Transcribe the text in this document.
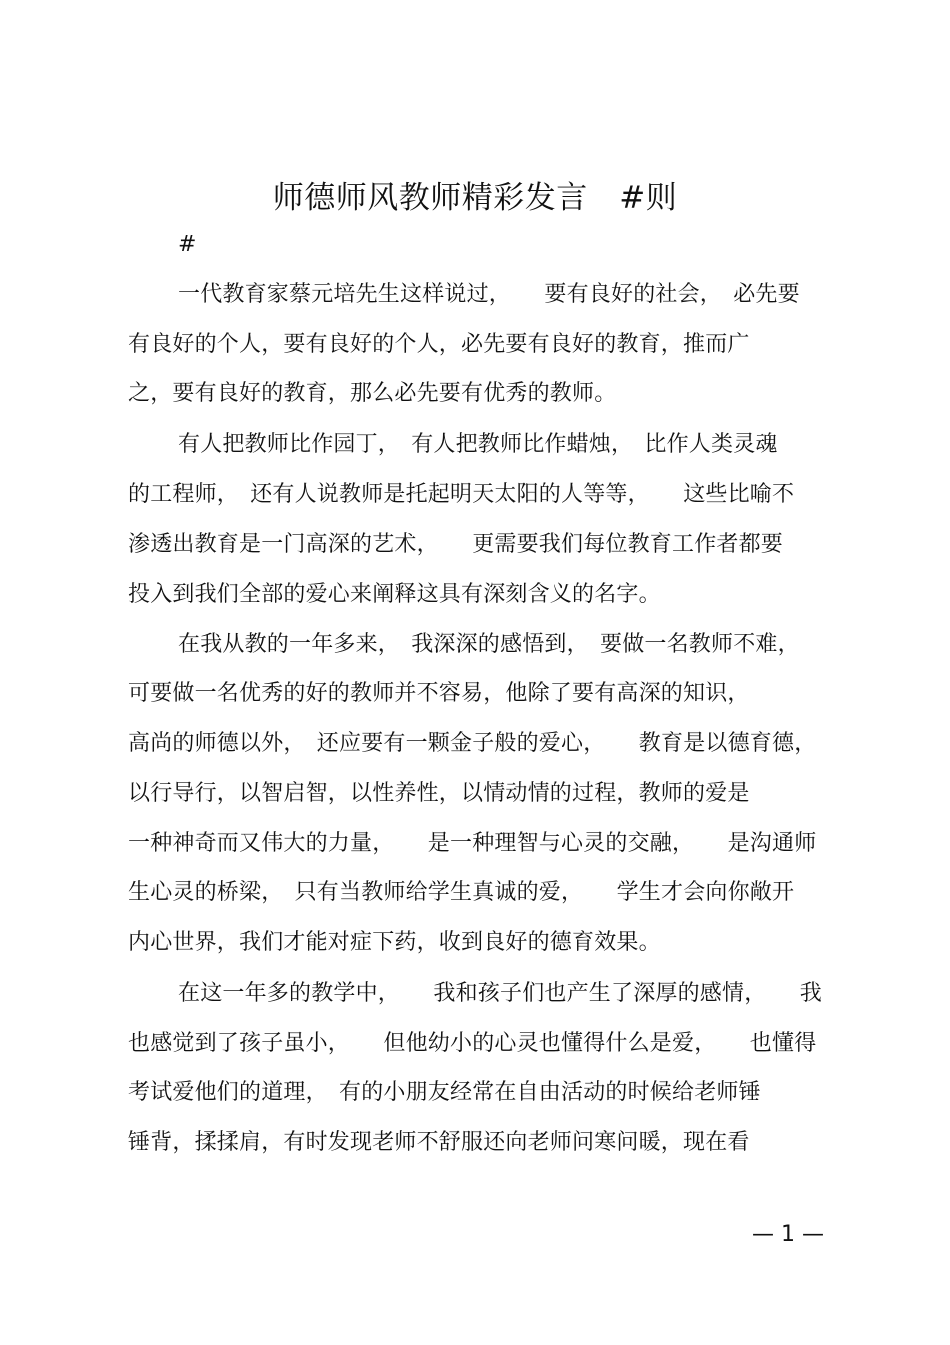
师德师风教师精彩发言　#则
#
一代教育家蔡元培先生这样说过，　　要有良好的社会，　必先要
有良好的个人，要有良好的个人，必先要有良好的教育，推而广
之，要有良好的教育，那么必先要有优秀的教师。
有人把教师比作园丁，　有人把教师比作蜡烛，　比作人类灵魂
的工程师，　还有人说教师是托起明天太阳的人等等，　　这些比喻不
渗透出教育是一门高深的艺术，　　更需要我们每位教育工作者都要
投入到我们全部的爱心来阐释这具有深刻含义的名字。
在我从教的一年多来，　我深深的感悟到，　要做一名教师不难，
可要做一名优秀的好的教师并不容易，他除了要有高深的知识，
高尚的师德以外，　还应要有一颗金子般的爱心，　　教育是以德育德，
以行导行，以智启智，以性养性，以情动情的过程，教师的爱是
一种神奇而又伟大的力量，　　是一种理智与心灵的交融，　　是沟通师
生心灵的桥梁，　只有当教师给学生真诚的爱，　　学生才会向你敞开
内心世界，我们才能对症下药，收到良好的德育效果。
在这一年多的教学中，　　我和孩子们也产生了深厚的感情，　　我
也感觉到了孩子虽小，　　但他幼小的心灵也懂得什么是爱，　　也懂得
考试爱他们的道理，　有的小朋友经常在自由活动的时候给老师锤
锤背，揉揉肩，有时发现老师不舒服还向老师问寒问暖，现在看
— 1 —
